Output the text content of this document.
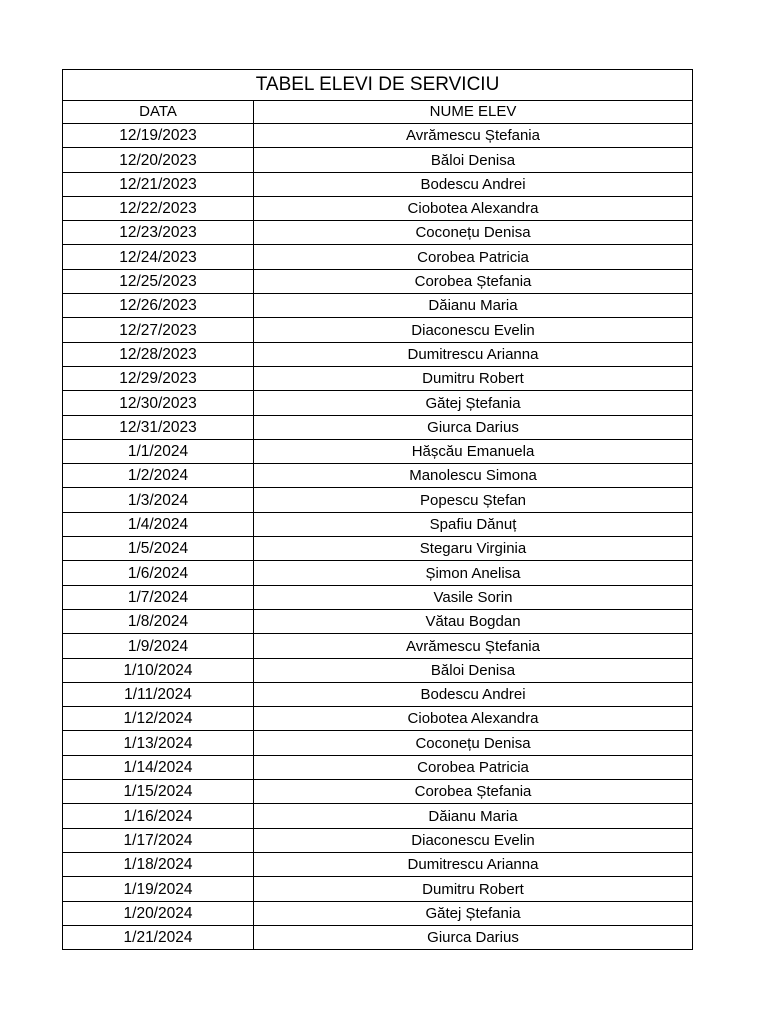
TABEL ELEVI DE SERVICIU	
DATA	NUME ELEV
12/19/2023	Avrămescu Ștefania
12/20/2023	Băloi Denisa
12/21/2023	Bodescu Andrei
12/22/2023	Ciobotea Alexandra
12/23/2023	Coconețu Denisa
12/24/2023	Corobea Patricia
12/25/2023	Corobea Ștefania
12/26/2023	Dăianu Maria
12/27/2023	Diaconescu Evelin
12/28/2023	Dumitrescu Arianna
12/29/2023	Dumitru Robert
12/30/2023	Gătej Ștefania
12/31/2023	Giurca Darius
1/1/2024	Hășcău Emanuela
1/2/2024	Manolescu Simona
1/3/2024	Popescu Ștefan
1/4/2024	Spafiu Dănuț
1/5/2024	Stegaru Virginia
1/6/2024	Șimon Anelisa
1/7/2024	Vasile Sorin
1/8/2024	Vătau Bogdan
1/9/2024	Avrămescu Ștefania
1/10/2024	Băloi Denisa
1/11/2024	Bodescu Andrei
1/12/2024	Ciobotea Alexandra
1/13/2024	Coconețu Denisa
1/14/2024	Corobea Patricia
1/15/2024	Corobea Ștefania
1/16/2024	Dăianu Maria
1/17/2024	Diaconescu Evelin
1/18/2024	Dumitrescu Arianna
1/19/2024	Dumitru Robert
1/20/2024	Gătej Ștefania
1/21/2024	Giurca Darius
